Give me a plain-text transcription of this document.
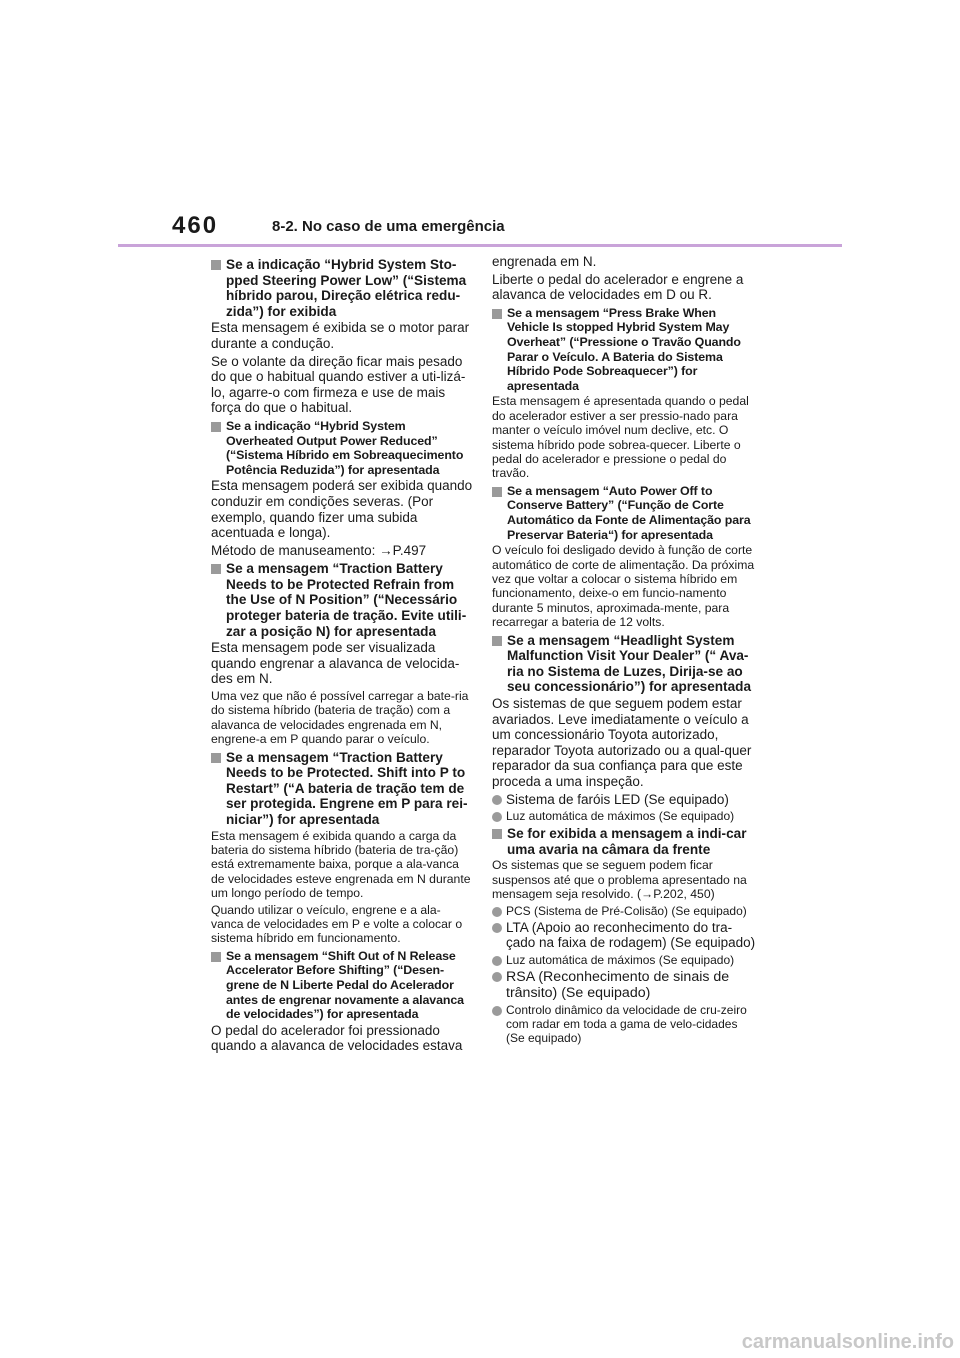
460	8-2. No caso de uma emergência
Se a indicação “Hybrid System Sto-pped Steering Power Low” (“Sistema híbrido parou, Direção elétrica redu-zida”) for exibida
Esta mensagem é exibida se o motor parar durante a condução.
Se o volante da direção ficar mais pesado do que o habitual quando estiver a uti-lizá-lo, agarre-o com firmeza e use de mais força do que o habitual.
Se a indicação “Hybrid System Overheated Output Power Reduced” (“Sistema Híbrido em Sobreaquecimento Potência Reduzida”) for apresentada
Esta mensagem poderá ser exibida quando conduzir em condições severas. (Por exemplo, quando fizer uma subida acentuada e longa).
Método de manuseamento: →P.497
Se a mensagem “Traction Battery Needs to be Protected Refrain from the Use of N Position” (“Necessário proteger bateria de tração. Evite utili-zar a posição N) for apresentada
Esta mensagem pode ser visualizada quando engrenar a alavanca de velocida-des em N.
Uma vez que não é possível carregar a bate-ria do sistema híbrido (bateria de tração) com a alavanca de velocidades engrenada em N, engrene-a em P quando parar o veículo.
Se a mensagem “Traction Battery Needs to be Protected. Shift into P to Restart” (“A bateria de tração tem de ser protegida. Engrene em P para rei-niciar”) for apresentada
Esta mensagem é exibida quando a carga da bateria do sistema híbrido (bateria de tra-ção) está extremamente baixa, porque a ala-vanca de velocidades esteve engrenada em N durante um longo período de tempo.
Quando utilizar o veículo, engrene e a ala-vanca de velocidades em P e volte a colocar o sistema híbrido em funcionamento.
Se a mensagem “Shift Out of N Release Accelerator Before Shifting” (“Desen-grene de N Liberte Pedal do Acelerador antes de engrenar novamente a alavanca de velocidades”) for apresentada
O pedal do acelerador foi pressionado quando a alavanca de velocidades estava
engrenada em N.
Liberte o pedal do acelerador e engrene a alavanca de velocidades em D ou R.
Se a mensagem “Press Brake When Vehicle Is stopped Hybrid System May Overheat” (“Pressione o Travão Quando Parar o Veículo. A Bateria do Sistema Híbrido Pode Sobreaquecer”) for apresentada
Esta mensagem é apresentada quando o pedal do acelerador estiver a ser pressio-nado para manter o veículo imóvel num declive, etc. O sistema híbrido pode sobrea-quecer. Liberte o pedal do acelerador e pressione o pedal do travão.
Se a mensagem “Auto Power Off to Conserve Battery” (“Função de Corte Automático da Fonte de Alimentação para Preservar Bateria“) for apresentada
O veículo foi desligado devido à função de corte automático de corte de alimentação. Da próxima vez que voltar a colocar o sistema híbrido em funcionamento, deixe-o em funcio-namento durante 5 minutos, aproximada-mente, para recarregar a bateria de 12 volts.
Se a mensagem “Headlight System Malfunction Visit Your Dealer” (“ Ava-ria no Sistema de Luzes, Dirija-se ao seu concessionário”) for apresentada
Os sistemas de que seguem podem estar avariados. Leve imediatamente o veículo a um concessionário Toyota autorizado, reparador Toyota autorizado ou a qual-quer reparador da sua confiança para que este proceda a uma inspeção.
Sistema de faróis LED (Se equipado)
Luz automática de máximos (Se equipado)
Se for exibida a mensagem a indi-car uma avaria na câmara da frente
Os sistemas que se seguem podem ficar suspensos até que o problema apresentado na mensagem seja resolvido. (→P.202, 450)
PCS (Sistema de Pré-Colisão) (Se equipado)
LTA (Apoio ao reconhecimento do tra-çado na faixa de rodagem) (Se equipado)
Luz automática de máximos (Se equipado)
RSA (Reconhecimento de sinais de trânsito) (Se equipado)
Controlo dinâmico da velocidade de cru-zeiro com radar em toda a gama de velo-cidades (Se equipado)
carmanualsonline.info
